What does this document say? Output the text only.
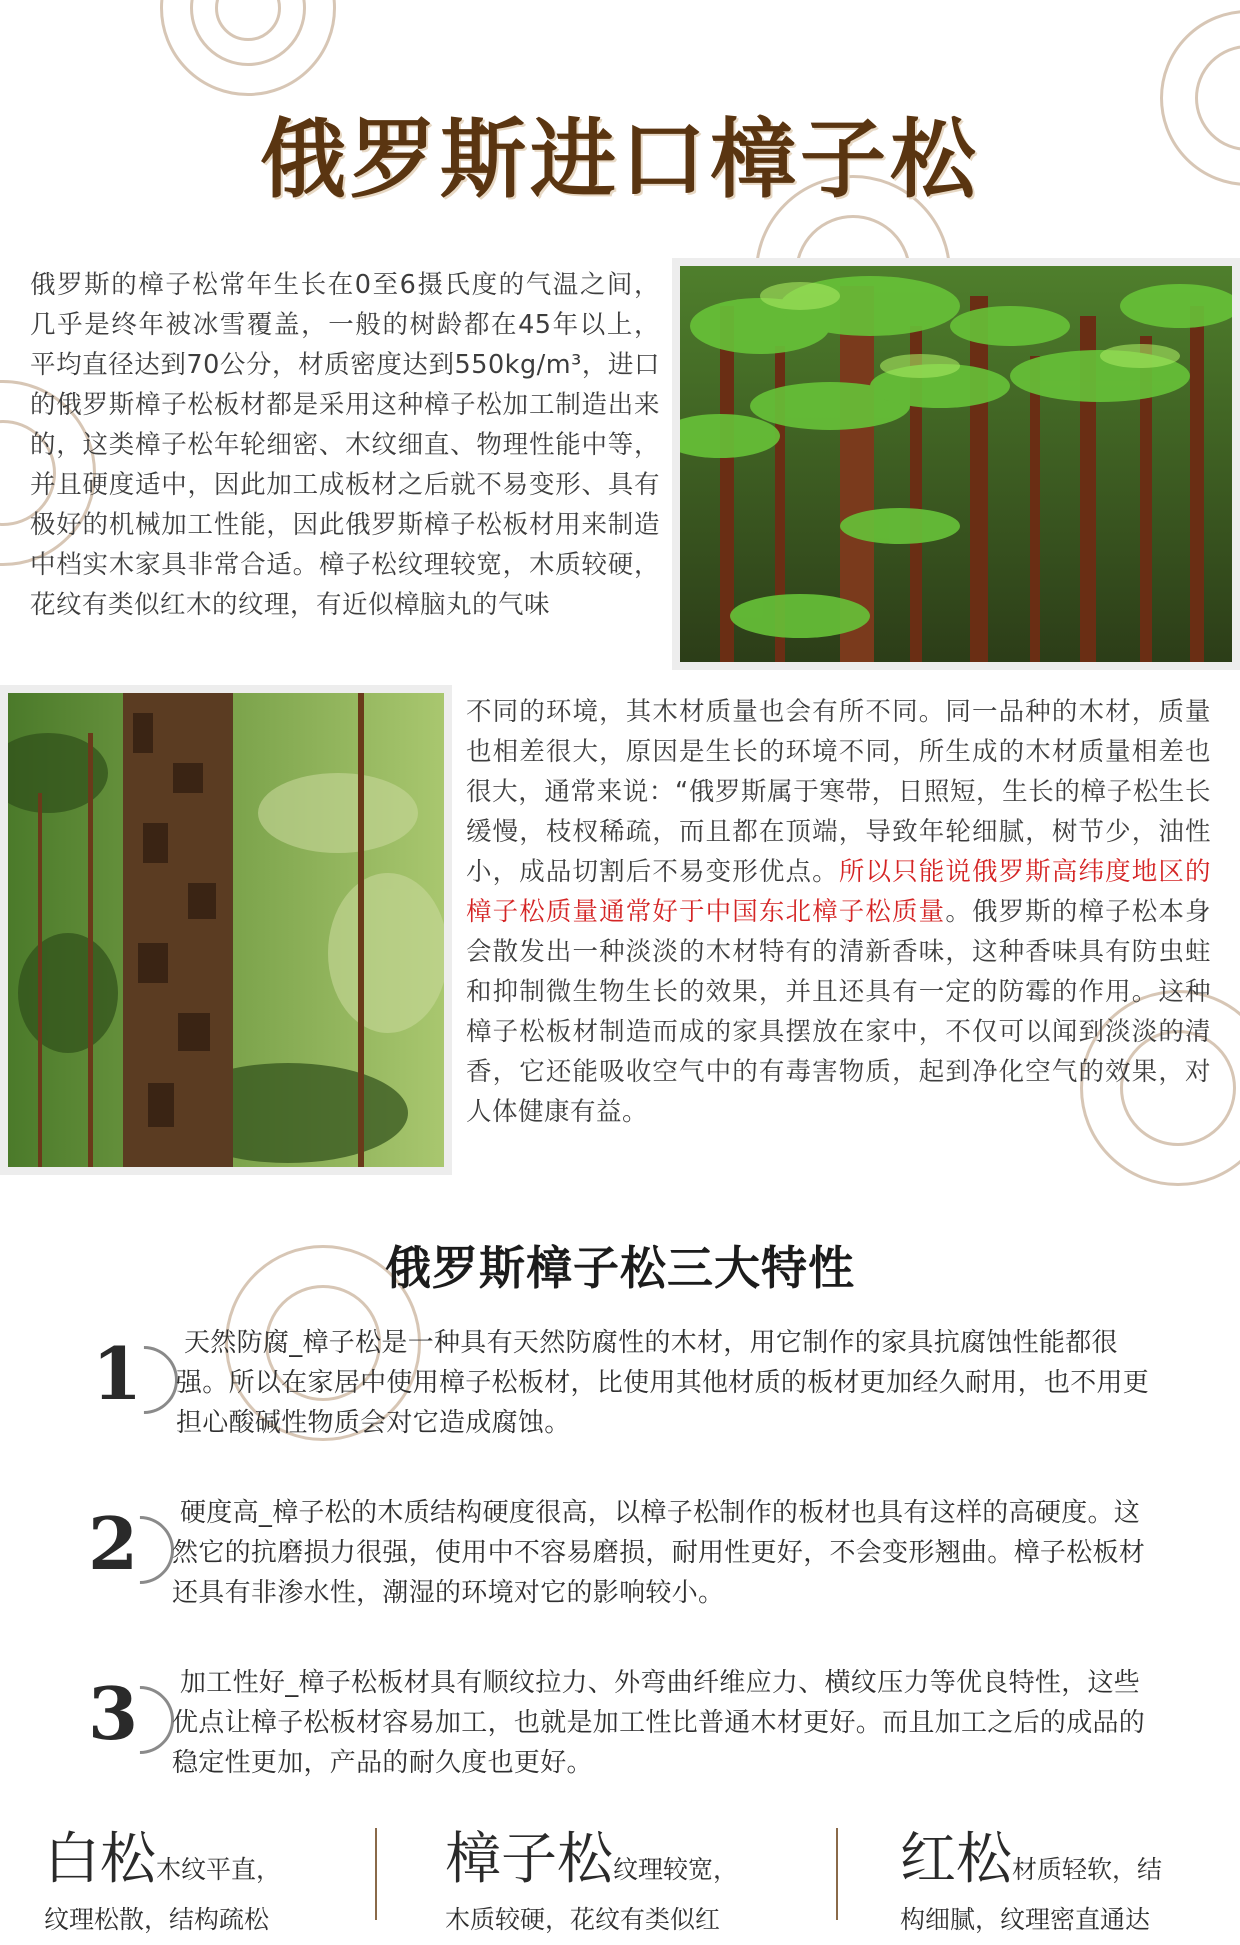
俄罗斯进口樟子松
俄罗斯的樟子松常年生长在0至6摄氏度的气温之间，几乎是终年被冰雪覆盖，一般的树龄都在45年以上，平均直径达到70公分，材质密度达到550kg/m³，进口的俄罗斯樟子松板材都是采用这种樟子松加工制造出来的，这类樟子松年轮细密、木纹细直、物理性能中等，并且硬度适中，因此加工成板材之后就不易变形、具有极好的机械加工性能，因此俄罗斯樟子松板材用来制造中档实木家具非常合适。樟子松纹理较宽，木质较硬，花纹有类似红木的纹理，有近似樟脑丸的气味
不同的环境，其木材质量也会有所不同。同一品种的木材，质量也相差很大，原因是生长的环境不同，所生成的木材质量相差也很大，通常来说：“俄罗斯属于寒带，日照短，生长的樟子松生长缓慢，枝杈稀疏，而且都在顶端，导致年轮细腻，树节少，油性小，成品切割后不易变形优点。所以只能说俄罗斯高纬度地区的樟子松质量通常好于中国东北樟子松质量。俄罗斯的樟子松本身会散发出一种淡淡的木材特有的清新香味，这种香味具有防虫蛀和抑制微生物生长的效果，并且还具有一定的防霉的作用。这种樟子松板材制造而成的家具摆放在家中，不仅可以闻到淡淡的清香，它还能吸收空气中的有毒害物质，起到净化空气的效果，对人体健康有益。
俄罗斯樟子松三大特性
1	天然防腐_樟子松是一种具有天然防腐性的木材，用它制作的家具抗腐蚀性能都很强。所以在家居中使用樟子松板材，比使用其他材质的板材更加经久耐用，也不用更担心酸碱性物质会对它造成腐蚀。
2	硬度高_樟子松的木质结构硬度很高，以樟子松制作的板材也具有这样的高硬度。这然它的抗磨损力很强，使用中不容易磨损，耐用性更好，不会变形翘曲。樟子松板材还具有非渗水性，潮湿的环境对它的影响较小。
3	加工性好_樟子松板材具有顺纹拉力、外弯曲纤维应力、横纹压力等优良特性，这些优点让樟子松板材容易加工，也就是加工性比普通木材更好。而且加工之后的成品的稳定性更加，产品的耐久度也更好。
白松木纹平直，
纹理松散，结构疏松
樟子松纹理较宽，
木质较硬，花纹有类似红
红松材质轻软，结
构细腻，纹理密直通达
